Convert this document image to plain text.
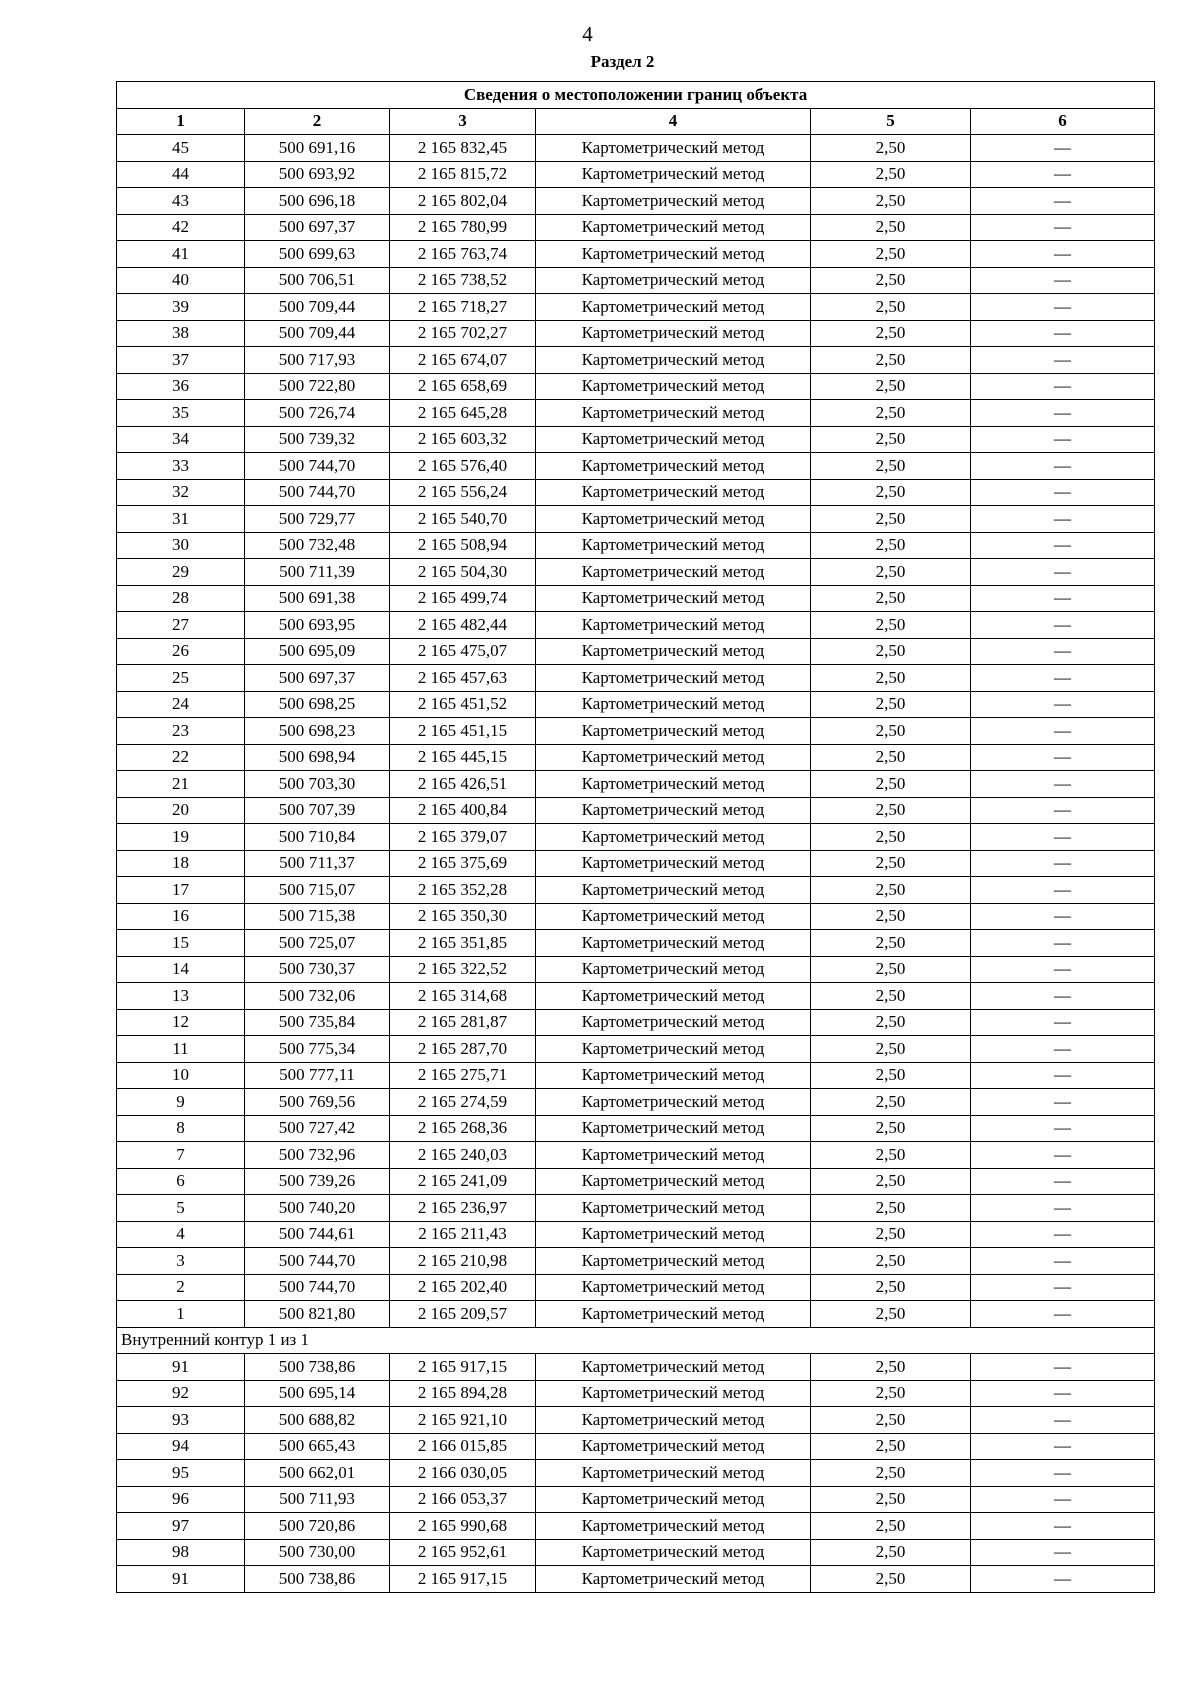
4
Раздел 2
Сведения о местоположении границ объекта					
1	2	3	4	5	6
45	500 691,16	2 165 832,45	Картометрический метод	2,50	—
44	500 693,92	2 165 815,72	Картометрический метод	2,50	—
43	500 696,18	2 165 802,04	Картометрический метод	2,50	—
42	500 697,37	2 165 780,99	Картометрический метод	2,50	—
41	500 699,63	2 165 763,74	Картометрический метод	2,50	—
40	500 706,51	2 165 738,52	Картометрический метод	2,50	—
39	500 709,44	2 165 718,27	Картометрический метод	2,50	—
38	500 709,44	2 165 702,27	Картометрический метод	2,50	—
37	500 717,93	2 165 674,07	Картометрический метод	2,50	—
36	500 722,80	2 165 658,69	Картометрический метод	2,50	—
35	500 726,74	2 165 645,28	Картометрический метод	2,50	—
34	500 739,32	2 165 603,32	Картометрический метод	2,50	—
33	500 744,70	2 165 576,40	Картометрический метод	2,50	—
32	500 744,70	2 165 556,24	Картометрический метод	2,50	—
31	500 729,77	2 165 540,70	Картометрический метод	2,50	—
30	500 732,48	2 165 508,94	Картометрический метод	2,50	—
29	500 711,39	2 165 504,30	Картометрический метод	2,50	—
28	500 691,38	2 165 499,74	Картометрический метод	2,50	—
27	500 693,95	2 165 482,44	Картометрический метод	2,50	—
26	500 695,09	2 165 475,07	Картометрический метод	2,50	—
25	500 697,37	2 165 457,63	Картометрический метод	2,50	—
24	500 698,25	2 165 451,52	Картометрический метод	2,50	—
23	500 698,23	2 165 451,15	Картометрический метод	2,50	—
22	500 698,94	2 165 445,15	Картометрический метод	2,50	—
21	500 703,30	2 165 426,51	Картометрический метод	2,50	—
20	500 707,39	2 165 400,84	Картометрический метод	2,50	—
19	500 710,84	2 165 379,07	Картометрический метод	2,50	—
18	500 711,37	2 165 375,69	Картометрический метод	2,50	—
17	500 715,07	2 165 352,28	Картометрический метод	2,50	—
16	500 715,38	2 165 350,30	Картометрический метод	2,50	—
15	500 725,07	2 165 351,85	Картометрический метод	2,50	—
14	500 730,37	2 165 322,52	Картометрический метод	2,50	—
13	500 732,06	2 165 314,68	Картометрический метод	2,50	—
12	500 735,84	2 165 281,87	Картометрический метод	2,50	—
11	500 775,34	2 165 287,70	Картометрический метод	2,50	—
10	500 777,11	2 165 275,71	Картометрический метод	2,50	—
9	500 769,56	2 165 274,59	Картометрический метод	2,50	—
8	500 727,42	2 165 268,36	Картометрический метод	2,50	—
7	500 732,96	2 165 240,03	Картометрический метод	2,50	—
6	500 739,26	2 165 241,09	Картометрический метод	2,50	—
5	500 740,20	2 165 236,97	Картометрический метод	2,50	—
4	500 744,61	2 165 211,43	Картометрический метод	2,50	—
3	500 744,70	2 165 210,98	Картометрический метод	2,50	—
2	500 744,70	2 165 202,40	Картометрический метод	2,50	—
1	500 821,80	2 165 209,57	Картометрический метод	2,50	—
Внутренний контур 1 из 1					
91	500 738,86	2 165 917,15	Картометрический метод	2,50	—
92	500 695,14	2 165 894,28	Картометрический метод	2,50	—
93	500 688,82	2 165 921,10	Картометрический метод	2,50	—
94	500 665,43	2 166 015,85	Картометрический метод	2,50	—
95	500 662,01	2 166 030,05	Картометрический метод	2,50	—
96	500 711,93	2 166 053,37	Картометрический метод	2,50	—
97	500 720,86	2 165 990,68	Картометрический метод	2,50	—
98	500 730,00	2 165 952,61	Картометрический метод	2,50	—
91	500 738,86	2 165 917,15	Картометрический метод	2,50	—
